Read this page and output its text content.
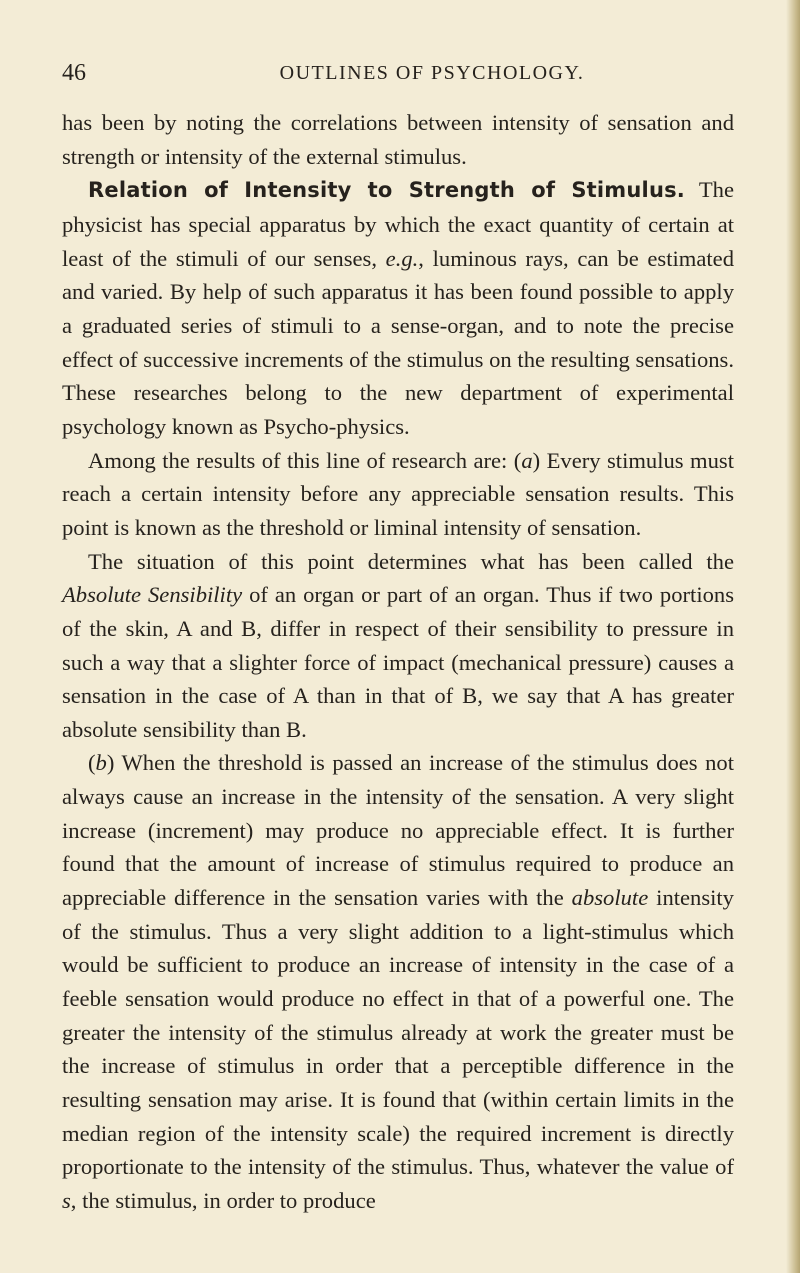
46	OUTLINES OF PSYCHOLOGY.

has been by noting the correlations between intensity of sensation and strength or intensity of the external stimulus.

Relation of Intensity to Strength of Stimulus. The physicist has special apparatus by which the exact quantity of certain at least of the stimuli of our senses, e.g., luminous rays, can be estimated and varied. By help of such apparatus it has been found possible to apply a graduated series of stimuli to a sense-organ, and to note the precise effect of successive increments of the stimulus on the resulting sensations. These researches belong to the new department of experimental psychology known as Psycho-physics.

Among the results of this line of research are: (a) Every stimulus must reach a certain intensity before any appreciable sensation results. This point is known as the threshold or liminal intensity of sensation.

The situation of this point determines what has been called the Absolute Sensibility of an organ or part of an organ. Thus if two portions of the skin, A and B, differ in respect of their sensibility to pressure in such a way that a slighter force of impact (mechanical pressure) causes a sensation in the case of A than in that of B, we say that A has greater absolute sensibility than B.

(b) When the threshold is passed an increase of the stimulus does not always cause an increase in the intensity of the sensation. A very slight increase (increment) may produce no appreciable effect. It is further found that the amount of increase of stimulus required to produce an appreciable difference in the sensation varies with the absolute intensity of the stimulus. Thus a very slight addition to a light-stimulus which would be sufficient to produce an increase of intensity in the case of a feeble sensation would produce no effect in that of a powerful one. The greater the intensity of the stimulus already at work the greater must be the increase of stimulus in order that a perceptible difference in the resulting sensation may arise. It is found that (within certain limits in the median region of the intensity scale) the required increment is directly proportionate to the intensity of the stimulus. Thus, whatever the value of s, the stimulus, in order to produce
